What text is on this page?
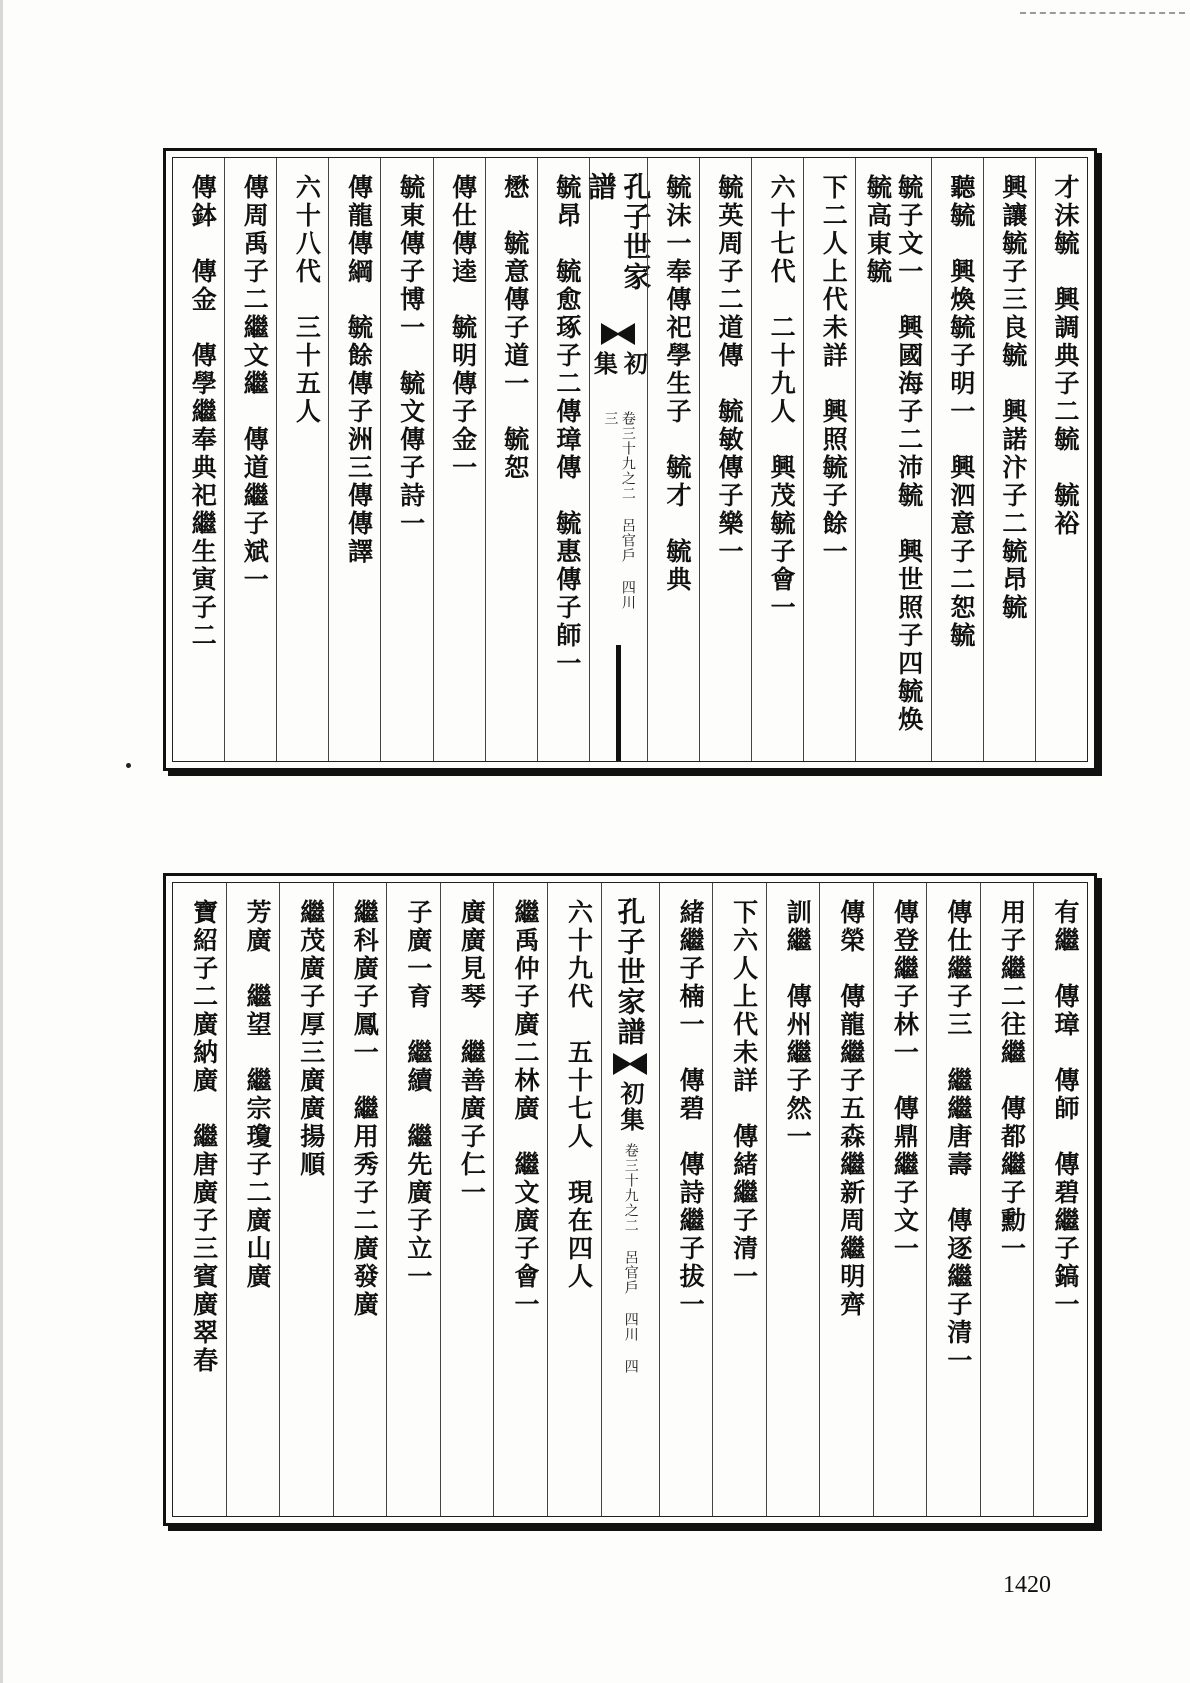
才沫毓　興調典子二毓　毓裕
興讓毓子三良毓　興諾汴子二毓昂毓
聽毓　興煥毓子明一　興泗意子二恕毓
毓子文一　興國海子二沛毓　興世照子四毓焕毓高東毓
下二人上代未詳　興照毓子餘一
六十七代　二十九人　興茂毓子會一
毓英周子二道傳　毓敏傳子樂一
毓沫一奉傳祀學生子　毓才　毓典
孔子世家譜
初集
卷三十九之二 呂官戶 四川 三
毓昂　毓愈琢子二傳璋傳　毓惠傳子師一
懋　毓意傳子道一　毓恕
傳仕傳逵　毓明傳子金一
毓東傳子博一　毓文傳子詩一
傳龍傳綱　毓餘傳子洲三傳傳譯
六十八代　三十五人
傳周禹子二繼文繼　傳道繼子斌一
傳鉢　傳金　傳學繼奉典祀繼生寅子二
有繼　傳璋　傳師　傳碧繼子鎬一
用子繼二往繼　傳都繼子勳一
傳仕繼子三　繼繼唐壽　傳逐繼子清一
傳登繼子林一　傳鼎繼子文一
傳榮　傳龍繼子五森繼新周繼明齊
訓繼　傳州繼子然一
下六人上代未詳　傳緒繼子清一
緒繼子楠一　傳碧　傳詩繼子拔一
孔子世家譜
初集
卷三十九之二 呂官戶 四川 四
六十九代　五十七人　現在四人
繼禹仲子廣二林廣　繼文廣子會一
廣廣見琴　繼善廣子仁一
子廣一育　繼續　繼先廣子立一
繼科廣子鳳一　繼用秀子二廣發廣
繼茂廣子厚三廣廣揚順
芳廣　繼望　繼宗瓊子二廣山廣
寶紹子二廣納廣　繼唐廣子三賓廣翠春
1420
